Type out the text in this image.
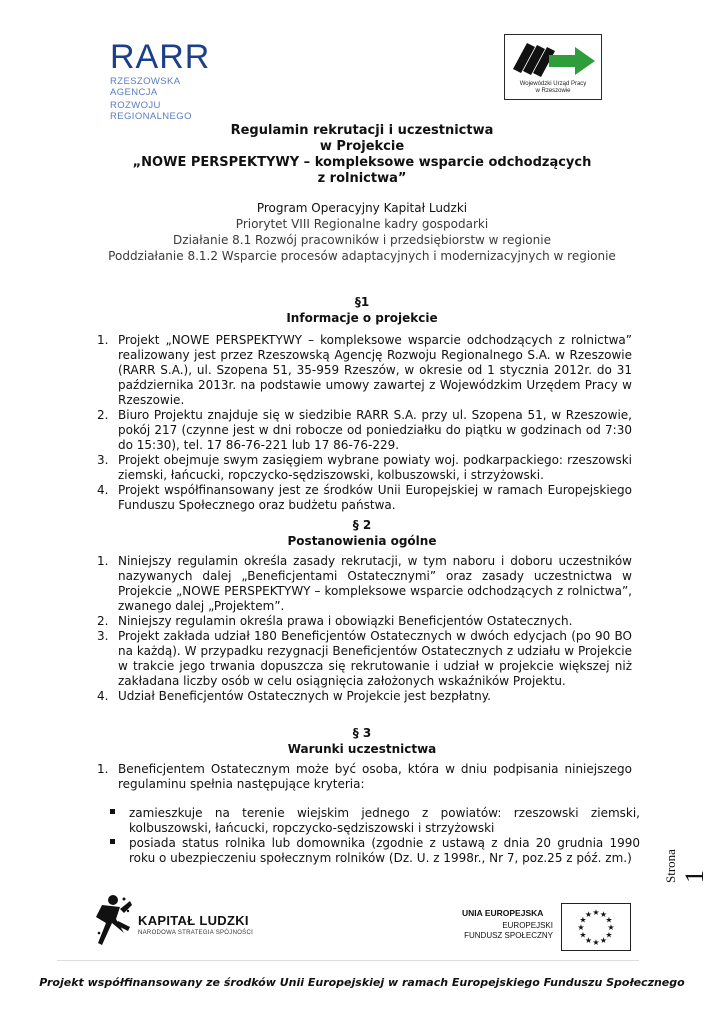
RARR
RZESZOWSKA AGENCJA
ROZWOJU REGIONALNEGO
Wojewódzki Urząd Pracy
w Rzeszowie
Regulamin rekrutacji i uczestnictwa
w Projekcie
„NOWE PERSPEKTYWY – kompleksowe wsparcie odchodzących
z rolnictwa”
Program Operacyjny Kapitał Ludzki
Priorytet VIII Regionalne kadry gospodarki
Działanie 8.1 Rozwój pracowników i przedsiębiorstw w regionie
Poddziałanie 8.1.2 Wsparcie procesów adaptacyjnych i modernizacyjnych w regionie
§1
Informacje o projekcie
1. Projekt „NOWE PERSPEKTYWY – kompleksowe wsparcie odchodzących z rolnictwa” realizowany jest przez Rzeszowską Agencję Rozwoju Regionalnego S.A. w Rzeszowie (RARR S.A.), ul. Szopena 51, 35-959 Rzeszów, w okresie od 1 stycznia 2012r. do 31 października 2013r. na podstawie umowy zawartej z Wojewódzkim Urzędem Pracy w Rzeszowie.
2. Biuro Projektu znajduje się w siedzibie RARR S.A. przy ul. Szopena 51, w Rzeszowie, pokój 217 (czynne jest w dni robocze od poniedziałku do piątku w godzinach od 7:30 do 15:30), tel. 17 86-76-221 lub 17 86-76-229.
3. Projekt obejmuje swym zasięgiem wybrane powiaty woj. podkarpackiego: rzeszowski ziemski, łańcucki, ropczycko-sędziszowski, kolbuszowski, i strzyżowski.
4. Projekt współfinansowany jest ze środków Unii Europejskiej w ramach Europejskiego Funduszu Społecznego oraz budżetu państwa.
§ 2
Postanowienia ogólne
1. Niniejszy regulamin określa zasady rekrutacji, w tym naboru i doboru uczestników nazywanych dalej „Beneficjentami Ostatecznymi” oraz zasady uczestnictwa w Projekcie „NOWE PERSPEKTYWY – kompleksowe wsparcie odchodzących z rolnictwa”, zwanego dalej „Projektem”.
2. Niniejszy regulamin określa prawa i obowiązki Beneficjentów Ostatecznych.
3. Projekt zakłada udział 180 Beneficjentów Ostatecznych w dwóch edycjach (po 90 BO na każdą). W przypadku rezygnacji Beneficjentów Ostatecznych z udziału w Projekcie w trakcie jego trwania dopuszcza się rekrutowanie i udział w projekcie większej niż zakładana liczby osób w celu osiągnięcia założonych wskaźników Projektu.
4. Udział Beneficjentów Ostatecznych w Projekcie jest bezpłatny.
§ 3
Warunki uczestnictwa
1. Beneficjentem Ostatecznym może być osoba, która w dniu podpisania niniejszego regulaminu spełnia następujące kryteria:
zamieszkuje na terenie wiejskim jednego z powiatów: rzeszowski ziemski, kolbuszowski, łańcucki, ropczycko-sędziszowski i strzyżowski
posiada status rolnika lub domownika (zgodnie z ustawą z dnia 20 grudnia 1990 roku o ubezpieczeniu społecznym rolników (Dz. U. z 1998r., Nr 7, poz.25 z póź. zm.)	Strona 1
KAPITAŁ LUDZKI
NARODOWA STRATEGIA SPÓJNOŚCI
UNIA EUROPEJSKA
EUROPEJSKI
FUNDUSZ SPOŁECZNY
★
★
★
★
★
★
★
★
★ ★ ★
★
Projekt współfinansowany ze środków Unii Europejskiej w ramach Europejskiego Funduszu Społecznego
